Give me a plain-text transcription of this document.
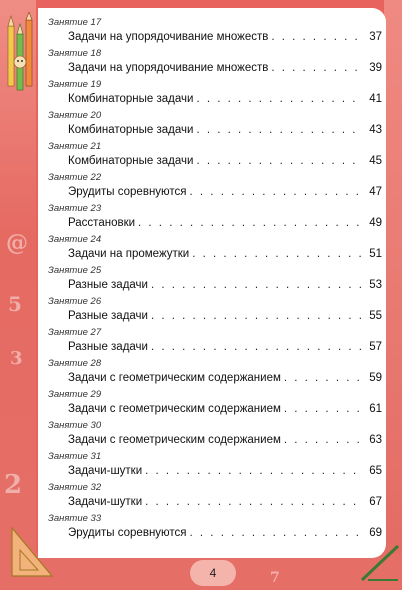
@
5
3
2
7
Занятие 17
Задачи на упорядочивание множеств . . .	37
Занятие 18
Задачи на упорядочивание множеств . . .	39
Занятие 19
Комбинаторные задачи . . .	41
Занятие 20
Комбинаторные задачи . . .	43
Занятие 21
Комбинаторные задачи . . .	45
Занятие 22
Эрудиты соревнуются . . .	47
Занятие 23
Расстановки . . .	49
Занятие 24
Задачи на промежутки . . .	51
Занятие 25
Разные задачи . . .	53
Занятие 26
Разные задачи . . .	55
Занятие 27
Разные задачи . . .	57
Занятие 28
Задачи с геометрическим содержанием . . .	59
Занятие 29
Задачи с геометрическим содержанием . . .	61
Занятие 30
Задачи с геометрическим содержанием . . .	63
Занятие 31
Задачи-шутки . . .	65
Занятие 32
Задачи-шутки . . .	67
Занятие 33
Эрудиты соревнуются . . .	69
4
